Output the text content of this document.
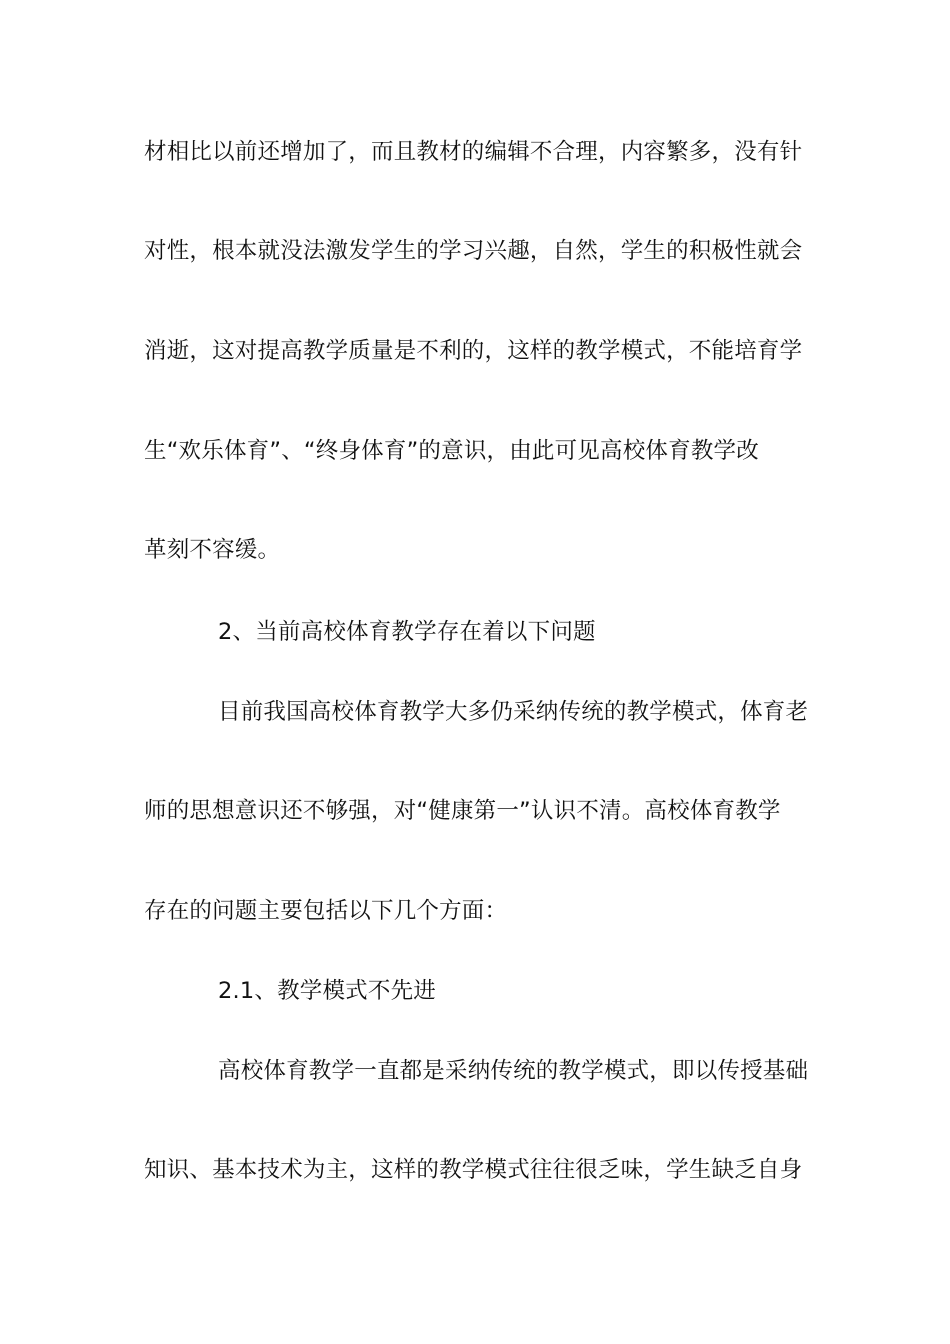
材相比以前还增加了，而且教材的编辑不合理，内容繁多，没有针
对性，根本就没法激发学生的学习兴趣，自然，学生的积极性就会
消逝，这对提高教学质量是不利的，这样的教学模式，不能培育学
生“欢乐体育”、“终身体育”的意识，由此可见高校体育教学改
革刻不容缓。
2、当前高校体育教学存在着以下问题
目前我国高校体育教学大多仍采纳传统的教学模式，体育老
师的思想意识还不够强，对“健康第一”认识不清。高校体育教学
存在的问题主要包括以下几个方面：
2.1、教学模式不先进
高校体育教学一直都是采纳传统的教学模式，即以传授基础
知识、基本技术为主，这样的教学模式往往很乏味，学生缺乏自身
